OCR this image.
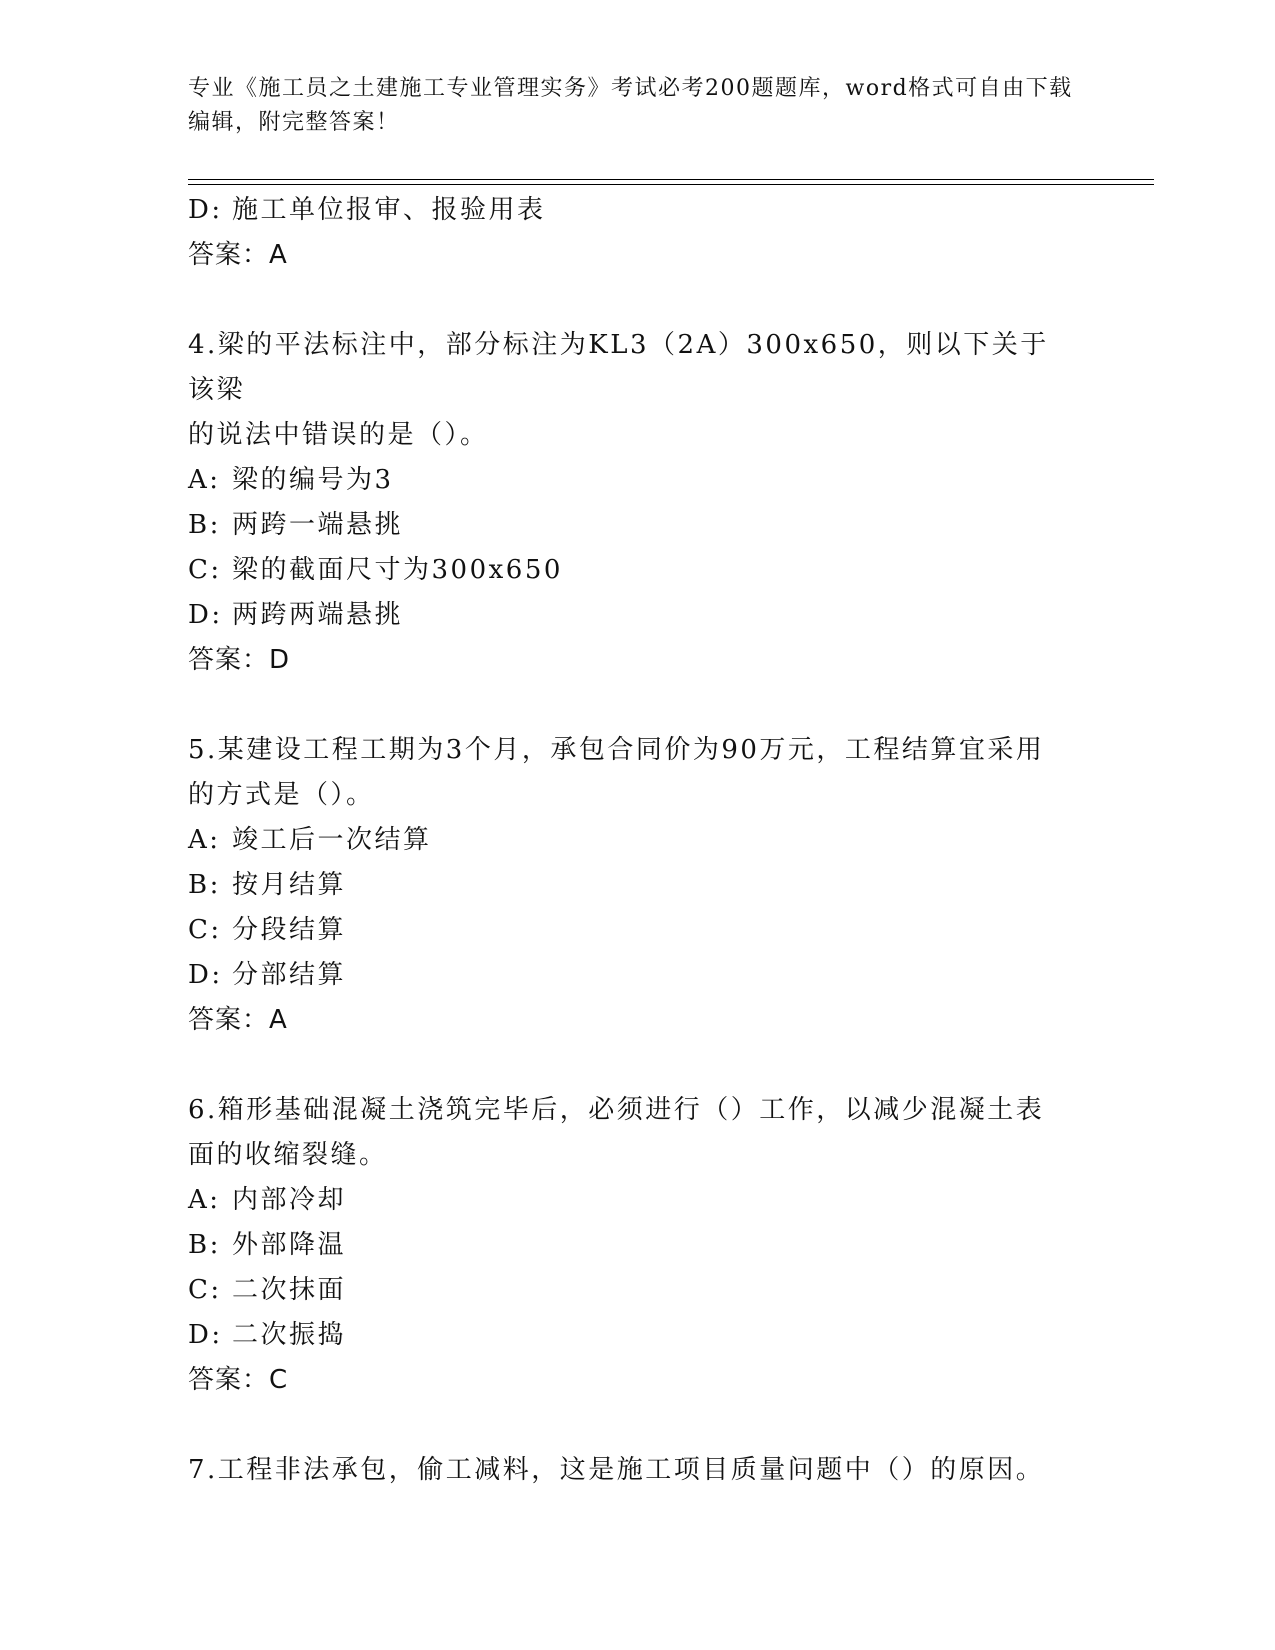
专业《施工员之土建施工专业管理实务》考试必考200题题库，word格式可自由下载编辑，附完整答案！
D: 施工单位报审、报验用表
答案：A
4.梁的平法标注中，部分标注为KL3（2A）300x650，则以下关于该梁
的说法中错误的是（）。
A: 梁的编号为3
B: 两跨一端悬挑
C: 梁的截面尺寸为300x650
D: 两跨两端悬挑
答案：D
5.某建设工程工期为3个月，承包合同价为90万元，工程结算宜采用
的方式是（）。
A: 竣工后一次结算
B: 按月结算
C: 分段结算
D: 分部结算
答案：A
6.箱形基础混凝土浇筑完毕后，必须进行（）工作，以减少混凝土表
面的收缩裂缝。
A: 内部冷却
B: 外部降温
C: 二次抹面
D: 二次振捣
答案：C
7.工程非法承包，偷工减料，这是施工项目质量问题中（）的原因。
